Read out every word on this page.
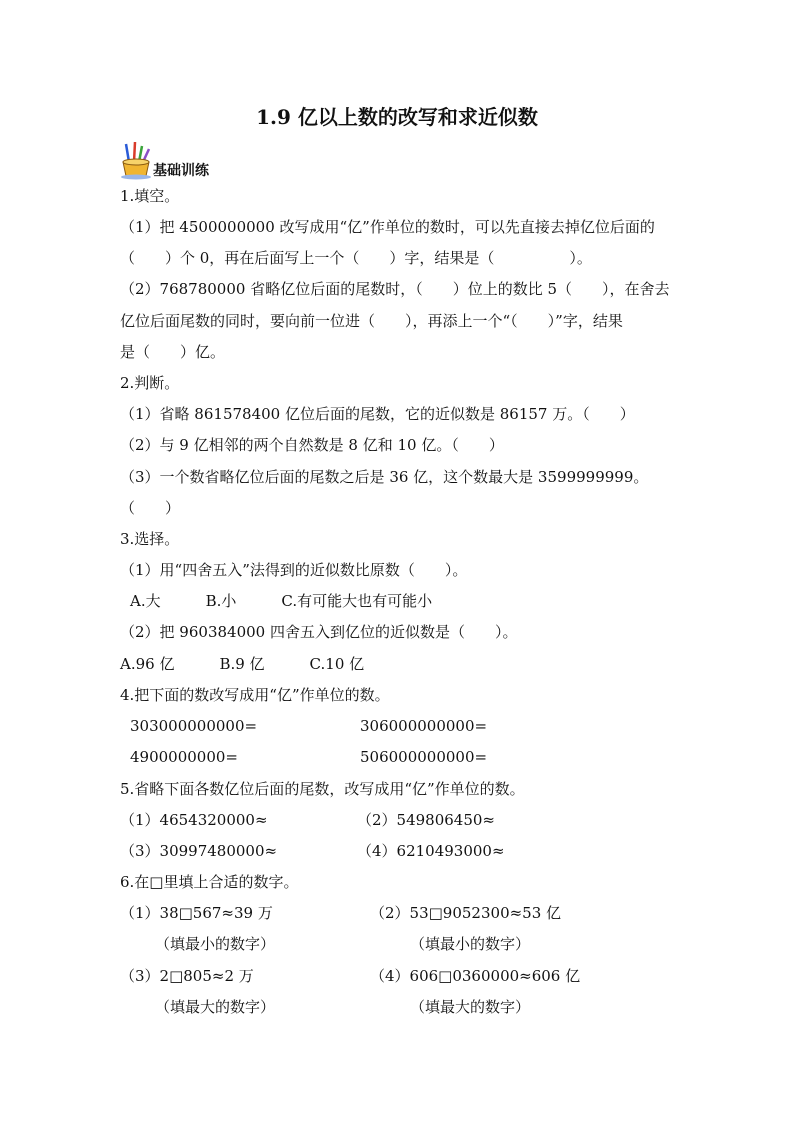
1.9 亿以上数的改写和求近似数
基础训练
1.填空。
（1）把 4500000000 改写成用“亿”作单位的数时，可以先直接去掉亿位后面的
（　　）个 0，再在后面写上一个（　　）字，结果是（　　　　　）。
（2）768780000 省略亿位后面的尾数时，（　　）位上的数比 5（　　），在舍去
亿位后面尾数的同时，要向前一位进（　　），再添上一个“（　　）”字，结果
是（　　）亿。
2.判断。
（1）省略 861578400 亿位后面的尾数，它的近似数是 86157 万。（　　）
（2）与 9 亿相邻的两个自然数是 8 亿和 10 亿。（　　）
（3）一个数省略亿位后面的尾数之后是 36 亿，这个数最大是 3599999999。
（　　）
3.选择。
（1）用“四舍五入”法得到的近似数比原数（　　）。
A.大　　　B.小　　　C.有可能大也有可能小
（2）把 960384000 四舍五入到亿位的近似数是（　　）。
A.96 亿　　　B.9 亿　　　C.10 亿
4.把下面的数改写成用“亿”作单位的数。
303000000000=	306000000000=
4900000000=	506000000000=
5.省略下面各数亿位后面的尾数，改写成用“亿”作单位的数。
（1）4654320000≈	（2）549806450≈
（3）30997480000≈	（4）6210493000≈
6.在□里填上合适的数字。
（1）38□567≈39 万
（填最小的数字）
（2）53□9052300≈53 亿
（填最小的数字）
（3）2□805≈2 万
（填最大的数字）
（4）606□0360000≈606 亿
（填最大的数字）
